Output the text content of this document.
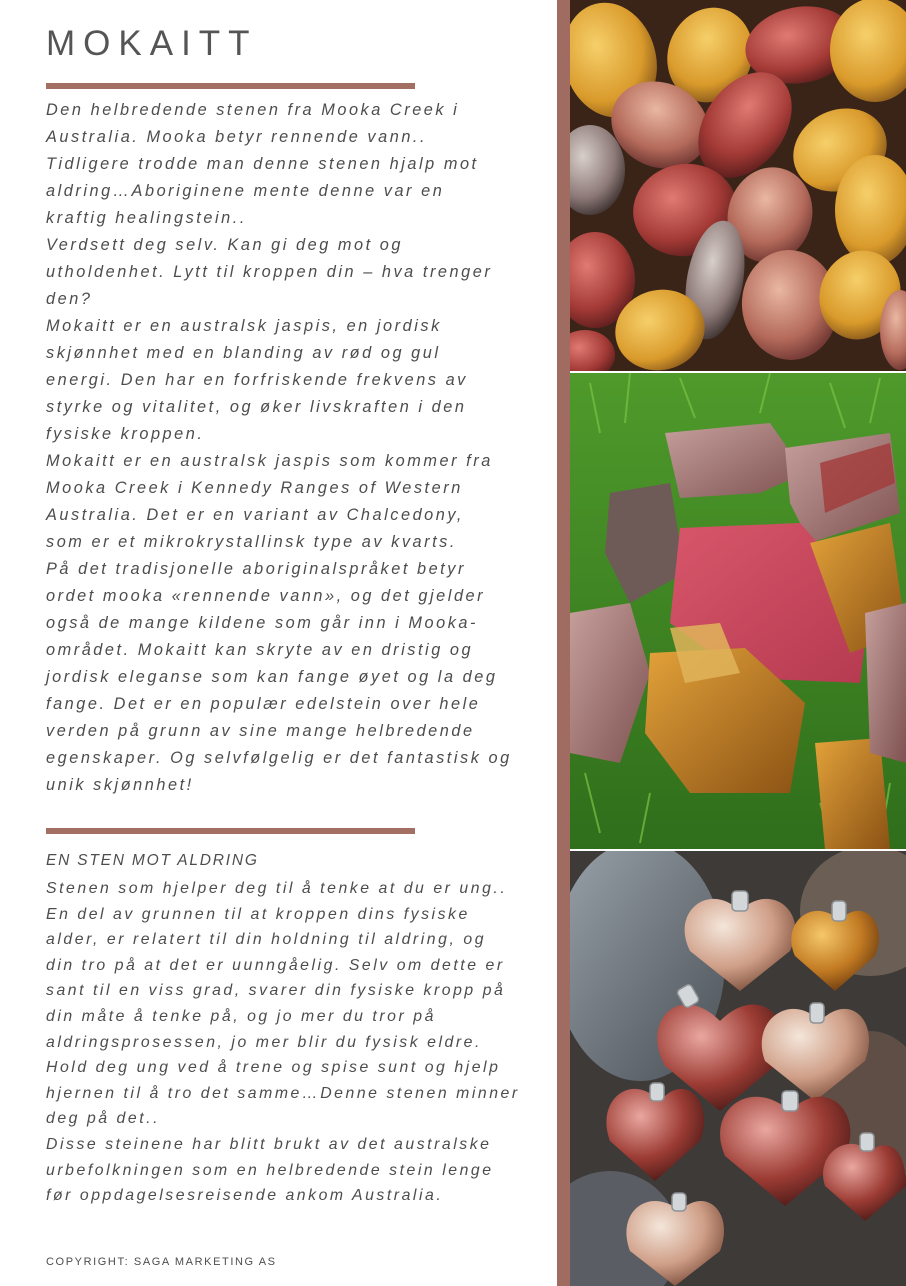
MOKAITT
Den helbredende stenen fra Mooka Creek i
Australia. Mooka betyr rennende vann..
Tidligere trodde man denne stenen hjalp mot
aldring…Aboriginene mente denne var en
kraftig healingstein..
Verdsett deg selv. Kan gi deg mot og
utholdenhet. Lytt til kroppen din – hva trenger
den?
Mokaitt er en australsk jaspis, en jordisk
skjønnhet med en blanding av rød og gul
energi. Den har en forfriskende frekvens av
styrke og vitalitet, og øker livskraften i den
fysiske kroppen.
Mokaitt er en australsk jaspis som kommer fra
Mooka Creek i Kennedy Ranges of Western
Australia. Det er en variant av Chalcedony,
som er et mikrokrystallinsk type av kvarts.
På det tradisjonelle aboriginalspråket betyr
ordet mooka «rennende vann», og det gjelder
også de mange kildene som går inn i Mooka-
området. Mokaitt kan skryte av en dristig og
jordisk eleganse som kan fange øyet og la deg
fange. Det er en populær edelstein over hele
verden på grunn av sine mange helbredende
egenskaper. Og selvfølgelig er det fantastisk og
unik skjønnhet!
EN STEN MOT ALDRING
Stenen som hjelper deg til å tenke at du er ung..
En del av grunnen til at kroppen dins fysiske
alder, er relatert til din holdning til aldring, og
din tro på at det er uunngåelig. Selv om dette er
sant til en viss grad, svarer din fysiske kropp på
din måte å tenke på, og jo mer du tror på
aldringsprosessen, jo mer blir du fysisk eldre.
Hold deg ung ved å trene og spise sunt og hjelp
hjernen til å tro det samme…Denne stenen minner
deg på det..
Disse steinene har blitt brukt av det australske
urbefolkningen som en helbredende stein lenge
før oppdagelsesreisende ankom Australia.

COPYRIGHT: SAGA MARKETING AS
